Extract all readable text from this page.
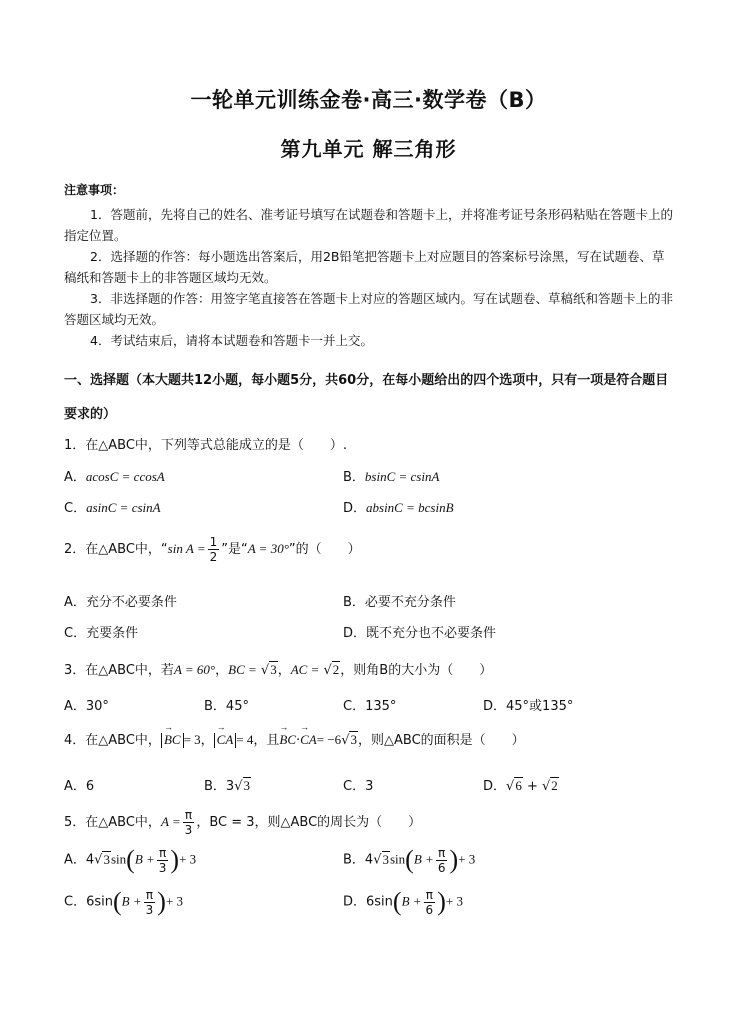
一轮单元训练金卷·高三·数学卷（B）
第九单元 解三角形
注意事项：
1．答题前，先将自己的姓名、准考证号填写在试题卷和答题卡上，并将准考证号条形码粘贴在答题卡上的指定位置。
2．选择题的作答：每小题选出答案后，用2B铅笔把答题卡上对应题目的答案标号涂黑，写在试题卷、草稿纸和答题卡上的非答题区域均无效。
3．非选择题的作答：用签字笔直接答在答题卡上对应的答题区域内。写在试题卷、草稿纸和答题卡上的非答题区域均无效。
4．考试结束后，请将本试题卷和答题卡一并上交。
一、选择题（本大题共12小题，每小题5分，共60分，在每小题给出的四个选项中，只有一项是符合题目要求的）
1．在△ABC中，下列等式总能成立的是（　　）.
A．acosC = ccosA	B．bsinC = csinA
C．asinC = csinA	D．absinC = bcsinB
2．在△ABC中，“sin $A = \frac{1}{2}$ ”是“A = 30°”的（　　）
A．充分不必要条件	B．必要不充分条件
C．充要条件	D．既不充分也不必要条件
3．在△ABC中，若A = 60°，BC = √3，AC = √2，则角B的大小为（　　）
A．30°	B．45°	C．135°	D．45°或135°
4．在△ABC中， → BC = 3， → CA = 4，且→ BC·→ CA= −6√3，则△ABC的面积是（　　）
A．6	B．3√3	C．3	D．√6 + √2
5．在△ABC中，$A = \frac{\pi}{3}$ ，BC = 3，则△ABC的周长为（　　）
A．$4√3\sin(B + \frac{\pi}{3}$ )+ 3	B．$4√3\sin(B + \frac{\pi}{6}$ )+ 3
C．$6\sin(B + \frac{\pi}{3}$ )+ 3	D．$6\sin(B + \frac{\pi}{6}$ )+ 3
